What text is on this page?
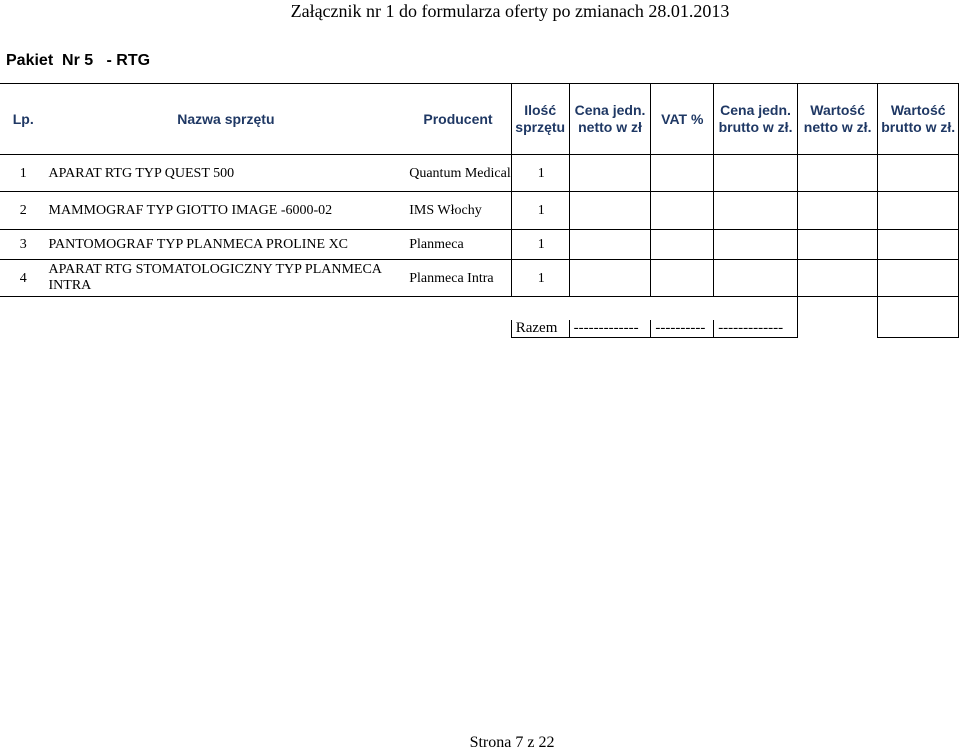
Załącznik nr 1 do formularza oferty po zmianach 28.01.2013
Pakiet  Nr 5   - RTG
Lp.	Nazwa sprzętu	Producent	Ilość sprzętu	Cena jedn. netto w zł	VAT %	Cena jedn. brutto w zł.	Wartość netto w zł.	Wartość brutto w zł.
1	APARAT RTG TYP QUEST 500	Quantum Medical	1					
2	MAMMOGRAF TYP GIOTTO IMAGE -6000-02	IMS Włochy	1					
3	PANTOMOGRAF TYP PLANMECA PROLINE XC	Planmeca	1					
4	APARAT RTG STOMATOLOGICZNY TYP PLANMECA INTRA	Planmeca Intra	1					

			Razem	-------------	----------	-------------		
Strona 7 z 22
